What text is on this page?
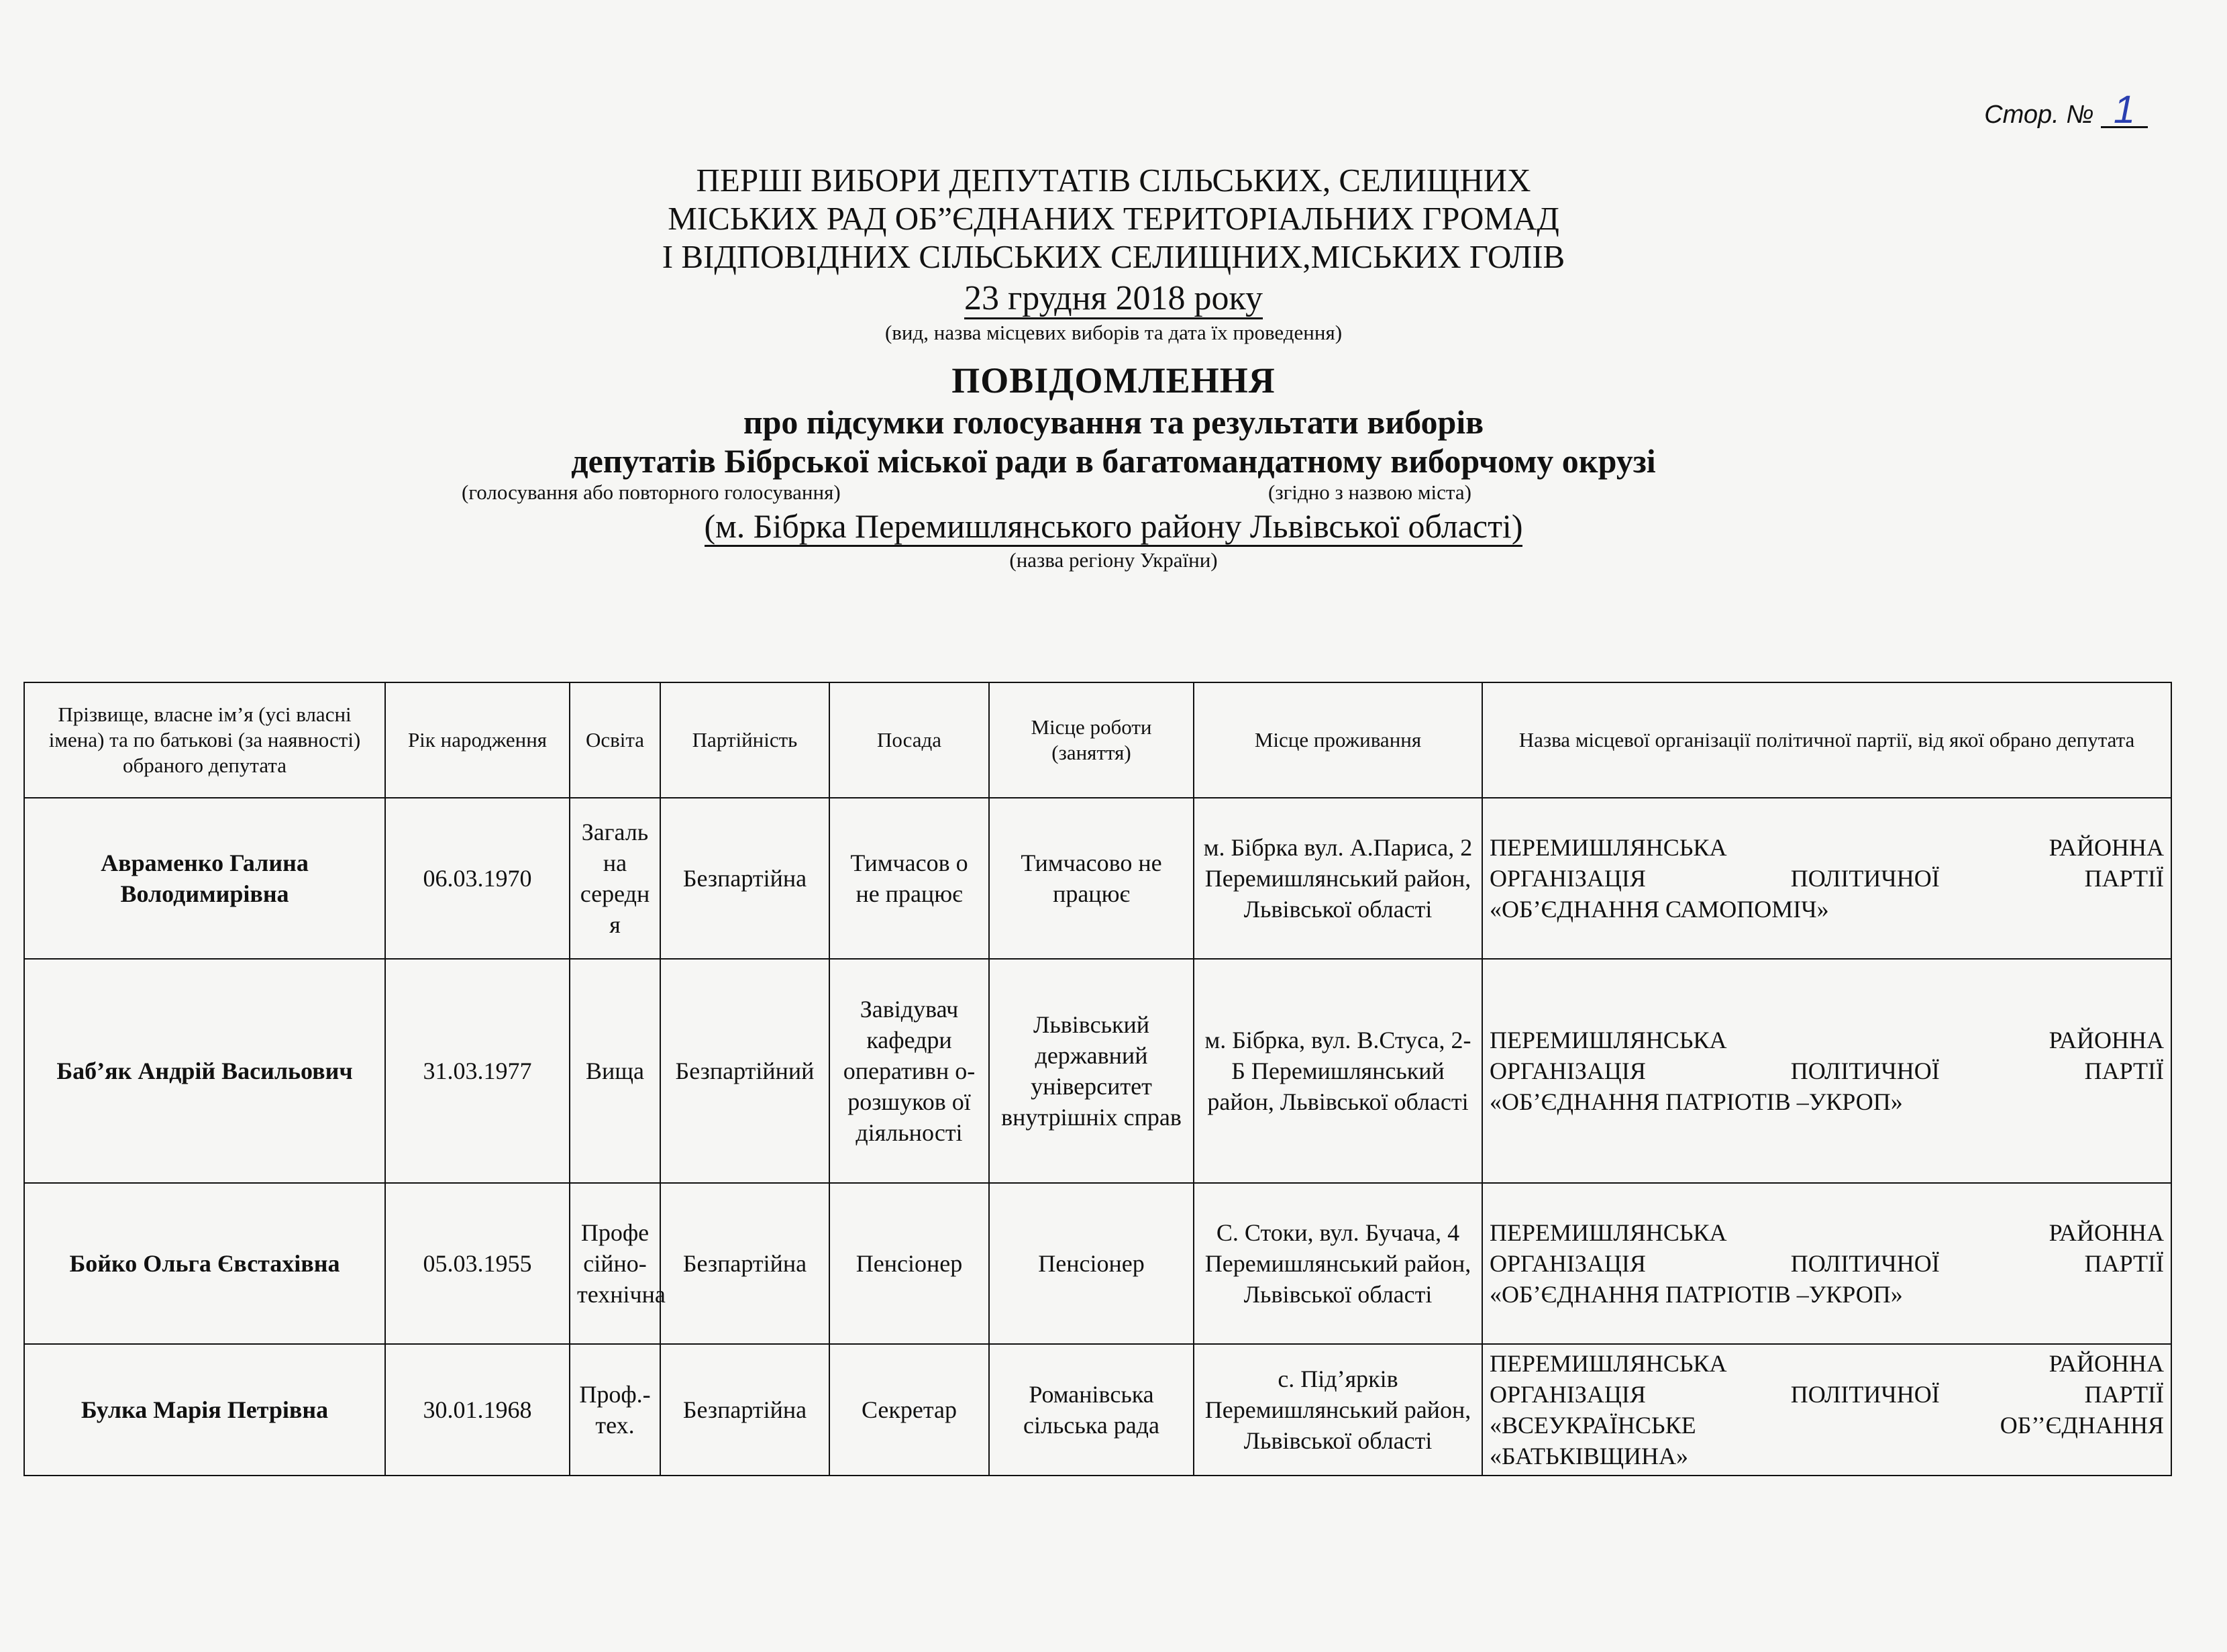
Стор. № 1
ПЕРШІ ВИБОРИ ДЕПУТАТІВ СІЛЬСЬКИХ, СЕЛИЩНИХ
МІСЬКИХ РАД ОБ”ЄДНАНИХ ТЕРИТОРІАЛЬНИХ ГРОМАД
І ВІДПОВІДНИХ СІЛЬСЬКИХ СЕЛИЩНИХ,МІСЬКИХ ГОЛІВ
23 грудня 2018 року
(вид, назва місцевих виборів та дата їх проведення)
ПОВІДОМЛЕННЯ
про підсумки голосування та результати виборів
депутатів Бібрської міської ради в багатомандатному виборчому окрузі
(голосування або повторного голосування)	(згідно з назвою міста)
(м. Бібрка Перемишлянського району Львівської області)
(назва регіону України)
Прізвище, власне ім’я (усі власні імена) та по батькові (за наявності) обраного депутата	Рік народження	Освіта	Партійність	Посада	Місце роботи (заняття)	Місце проживання	Назва місцевої організації політичної партії, від якої обрано депутата
Авраменко Галина Володимирівна	06.03.1970	Загаль на середн я	Безпартійна	Тимчасов о не працює	Тимчасово не працює	м. Бібрка вул. А.Париса, 2 Перемишлянський район, Львівської області	ПЕРЕМИШЛЯНСЬКА РАЙОННА
ОРГАНІЗАЦІЯ ПОЛІТИЧНОЇ ПАРТІЇ
«ОБ’ЄДНАННЯ САМОПОМІЧ»

Баб’як Андрій Васильович	31.03.1977	Вища	Безпартійний	Завідувач кафедри оперативн о-розшуков ої діяльності	Львівський державний університет внутрішніх справ	м. Бібрка, вул. В.Стуса, 2-Б Перемишлянський район, Львівської області	ПЕРЕМИШЛЯНСЬКА РАЙОННА
ОРГАНІЗАЦІЯ ПОЛІТИЧНОЇ ПАРТІЇ
«ОБ’ЄДНАННЯ ПАТРІОТІВ –УКРОП»

Бойко Ольга Євстахівна	05.03.1955	Профе сійно-технічна	Безпартійна	Пенсіонер	Пенсіонер	С. Стоки, вул. Бучача, 4 Перемишлянський район, Львівської області	ПЕРЕМИШЛЯНСЬКА РАЙОННА
ОРГАНІЗАЦІЯ ПОЛІТИЧНОЇ ПАРТІЇ
«ОБ’ЄДНАННЯ ПАТРІОТІВ –УКРОП»

Булка Марія Петрівна	30.01.1968	Проф.-тех.	Безпартійна	Секретар	Романівська сільська рада	с. Під’ярків Перемишлянський район, Львівської області	ПЕРЕМИШЛЯНСЬКА РАЙОННА
ОРГАНІЗАЦІЯ ПОЛІТИЧНОЇ ПАРТІЇ
«ВСЕУКРАЇНСЬКЕ ОБ’’ЄДНАННЯ
«БАТЬКІВЩИНА»
